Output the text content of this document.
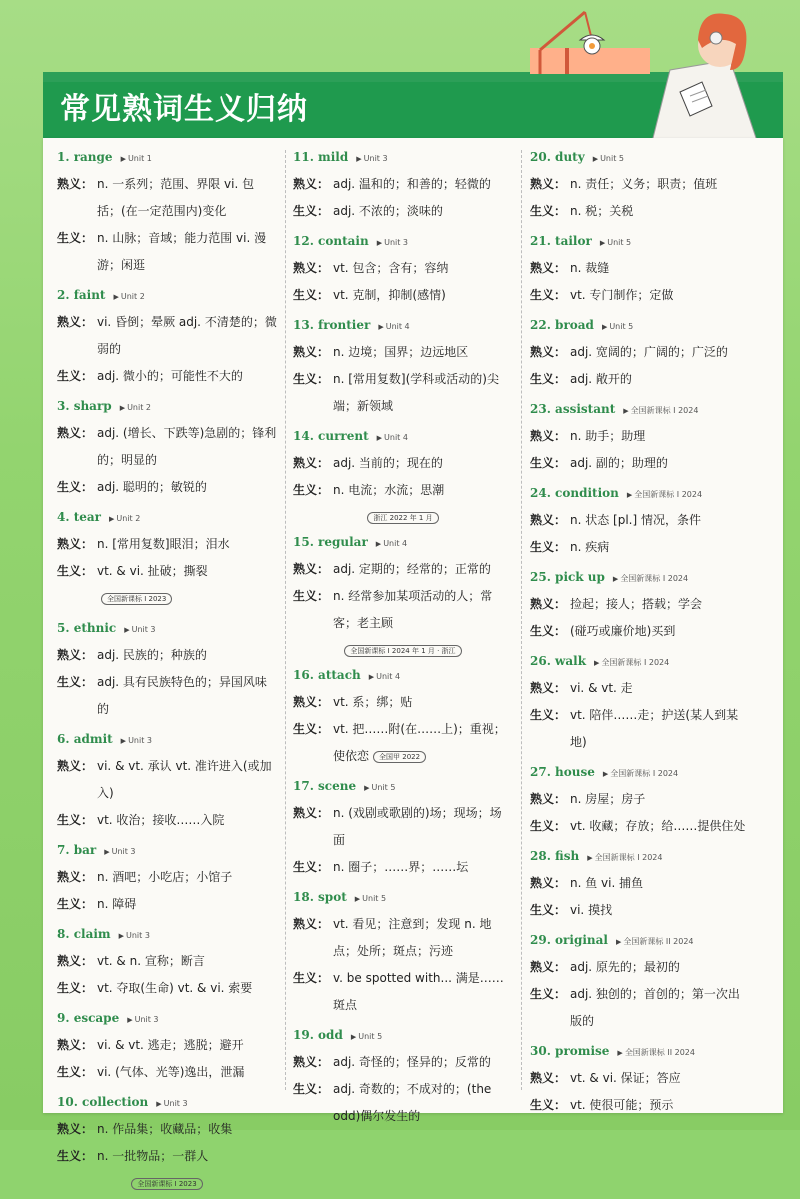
常见熟词生义归纳
1. range ▶ Unit 1
熟义： n. 一系列；范围、界限 vi. 包括；(在一定范围内)变化
生义： n. 山脉；音域；能力范围 vi. 漫游；闲逛
2. faint ▶ Unit 2
熟义： vi. 昏倒；晕厥 adj. 不清楚的；微弱的
生义： adj. 微小的；可能性不大的
3. sharp ▶ Unit 2
熟义： adj. (增长、下跌等)急剧的；锋利的；明显的
生义： adj. 聪明的；敏锐的
4. tear ▶ Unit 2
熟义： n. [常用复数]眼泪；泪水
生义： vt. & vi. 扯破；撕裂全国新课标 I 2023
5. ethnic ▶ Unit 3
熟义： adj. 民族的；种族的
生义： adj. 具有民族特色的；异国风味的
6. admit ▶ Unit 3
熟义： vi. & vt. 承认 vt. 准许进入(或加入)
生义： vt. 收治；接收……入院
7. bar ▶ Unit 3
熟义： n. 酒吧；小吃店；小馆子
生义： n. 障碍
8. claim ▶ Unit 3
熟义： vt. & n. 宣称；断言
生义： vt. 夺取(生命) vt. & vi. 索要
9. escape ▶ Unit 3
熟义： vi. & vt. 逃走；逃脱；避开
生义： vi. (气体、光等)逸出，泄漏
10. collection ▶ Unit 3
熟义： n. 作品集；收藏品；收集
生义： n. 一批物品；一群人
全国新课标 I 2023
11. mild ▶ Unit 3
熟义： adj. 温和的；和善的；轻微的
生义： adj. 不浓的；淡味的
12. contain ▶ Unit 3
熟义： vt. 包含；含有；容纳
生义： vt. 克制，抑制(感情)
13. frontier ▶ Unit 4
熟义： n. 边境；国界；边远地区
生义： n. [常用复数](学科或活动的)尖端；新领域
14. current ▶ Unit 4
熟义： adj. 当前的；现在的
生义： n. 电流；水流；思潮
浙江 2022 年 1 月
15. regular ▶ Unit 4
熟义： adj. 定期的；经常的；正常的
生义： n. 经常参加某项活动的人；常客；老主顾
全国新课标 I 2024 年 1 月 · 浙江
16. attach ▶ Unit 4
熟义： vt. 系；绑；贴
生义： vt. 把……附(在……上)；重视；使依恋 全国甲 2022
17. scene ▶ Unit 5
熟义： n. (戏剧或歌剧的)场；现场；场面
生义： n. 圈子；……界；……坛
18. spot ▶ Unit 5
熟义： vt. 看见；注意到；发现 n. 地点；处所；斑点；污迹
生义： v. be spotted with... 满是……斑点
19. odd ▶ Unit 5
熟义： adj. 奇怪的；怪异的；反常的
生义： adj. 奇数的；不成对的；(the odd)偶尔发生的
20. duty ▶ Unit 5
熟义： n. 责任；义务；职责；值班
生义： n. 税；关税
21. tailor ▶ Unit 5
熟义： n. 裁缝
生义： vt. 专门制作；定做
22. broad ▶ Unit 5
熟义： adj. 宽阔的；广阔的；广泛的
生义： adj. 敞开的
23. assistant ▶ 全国新课标 I 2024
熟义： n. 助手；助理
生义： adj. 副的；助理的
24. condition ▶ 全国新课标 I 2024
熟义： n. 状态 [pl.] 情况，条件
生义： n. 疾病
25. pick up ▶ 全国新课标 I 2024
熟义： 捡起；接人；搭载；学会
生义： (碰巧或廉价地)买到
26. walk ▶ 全国新课标 I 2024
熟义： vi. & vt. 走
生义： vt. 陪伴……走；护送(某人到某地)
27. house ▶ 全国新课标 I 2024
熟义： n. 房屋；房子
生义： vt. 收藏；存放；给……提供住处
28. fish ▶ 全国新课标 I 2024
熟义： n. 鱼 vi. 捕鱼
生义： vi. 摸找
29. original ▶ 全国新课标 II 2024
熟义： adj. 原先的；最初的
生义： adj. 独创的；首创的；第一次出版的
30. promise ▶ 全国新课标 II 2024
熟义： vt. & vi. 保证；答应
生义： vt. 使很可能；预示
